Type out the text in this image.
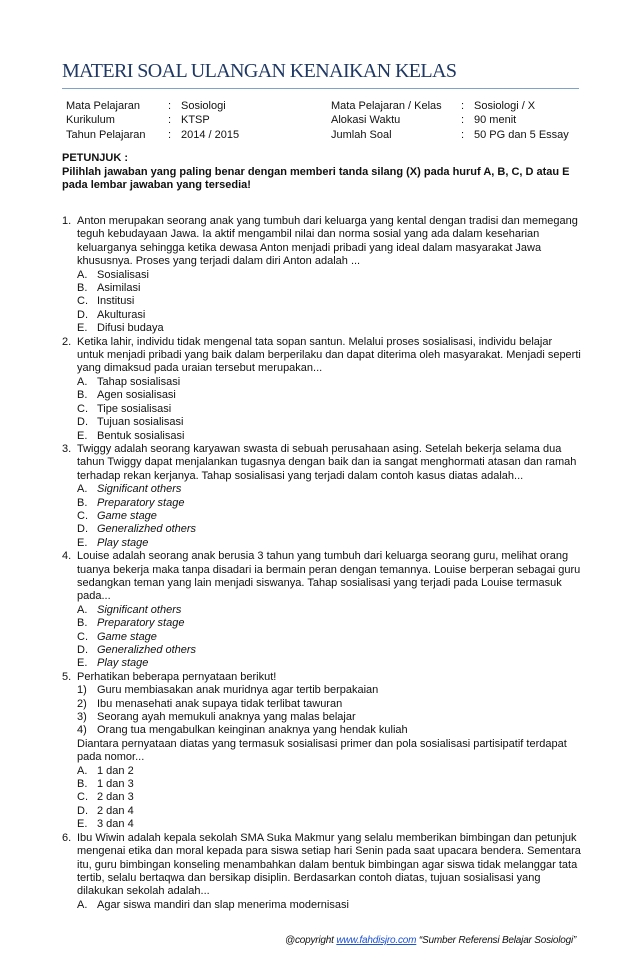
MATERI SOAL ULANGAN KENAIKAN KELAS
Mata Pelajaran	: Sosiologi
Kurikulum	: KTSP
Tahun Pelajaran	: 2014 / 2015
Mata Pelajaran / Kelas	: Sosiologi / X
Alokasi Waktu	: 90 menit
Jumlah Soal	: 50 PG dan 5 Essay
PETUNJUK :
Pilihlah jawaban yang paling benar dengan memberi tanda silang (X) pada huruf A, B, C, D atau E pada lembar jawaban yang tersedia!
1. Anton merupakan seorang anak yang tumbuh dari keluarga yang kental dengan tradisi dan memegang teguh kebudayaan Jawa. Ia aktif mengambil nilai dan norma sosial yang ada dalam keseharian keluarganya sehingga ketika dewasa Anton menjadi pribadi yang ideal dalam masyarakat Jawa khususnya. Proses yang terjadi dalam diri Anton adalah ...
A. Sosialisasi
B. Asimilasi
C. Institusi
D. Akulturasi
E. Difusi budaya
2. Ketika lahir, individu tidak mengenal tata sopan santun. Melalui proses sosialisasi, individu belajar untuk menjadi pribadi yang baik dalam berperilaku dan dapat diterima oleh masyarakat. Menjadi seperti yang dimaksud pada uraian tersebut merupakan...
A. Tahap sosialisasi
B. Agen sosialisasi
C. Tipe sosialisasi
D. Tujuan sosialisasi
E. Bentuk sosialisasi
3. Twiggy adalah seorang karyawan swasta di sebuah perusahaan asing. Setelah bekerja selama dua tahun Twiggy dapat menjalankan tugasnya dengan baik dan ia sangat menghormati atasan dan ramah terhadap rekan kerjanya. Tahap sosialisasi yang terjadi dalam contoh kasus diatas adalah...
A. Significant others
B. Preparatory stage
C. Game stage
D. Generalizhed others
E. Play stage
4. Louise adalah seorang anak berusia 3 tahun yang tumbuh dari keluarga seorang guru, melihat orang tuanya bekerja maka tanpa disadari ia bermain peran dengan temannya. Louise berperan sebagai guru sedangkan teman yang lain menjadi siswanya. Tahap sosialisasi yang terjadi pada Louise termasuk pada...
A. Significant others
B. Preparatory stage
C. Game stage
D. Generalizhed others
E. Play stage
5. Perhatikan beberapa pernyataan berikut!
1) Guru membiasakan anak muridnya agar tertib berpakaian
2) Ibu menasehati anak supaya tidak terlibat tawuran
3) Seorang ayah memukuli anaknya yang malas belajar
4) Orang tua mengabulkan keinginan anaknya yang hendak kuliah
Diantara pernyataan diatas yang termasuk sosialisasi primer dan pola sosialisasi partisipatif terdapat pada nomor...
A. 1 dan 2
B. 1 dan 3
C. 2 dan 3
D. 2 dan 4
E. 3 dan 4
6. Ibu Wiwin adalah kepala sekolah SMA Suka Makmur yang selalu memberikan bimbingan dan petunjuk mengenai etika dan moral kepada para siswa setiap hari Senin pada saat upacara bendera. Sementara itu, guru bimbingan konseling menambahkan dalam bentuk bimbingan agar siswa tidak melanggar tata tertib, selalu bertaqwa dan bersikap disiplin. Berdasarkan contoh diatas, tujuan sosialisasi yang dilakukan sekolah adalah...
A. Agar siswa mandiri dan slap menerima modernisasi
@copyright www.fahdisjro.com “Sumber Referensi Belajar Sosiologi”
